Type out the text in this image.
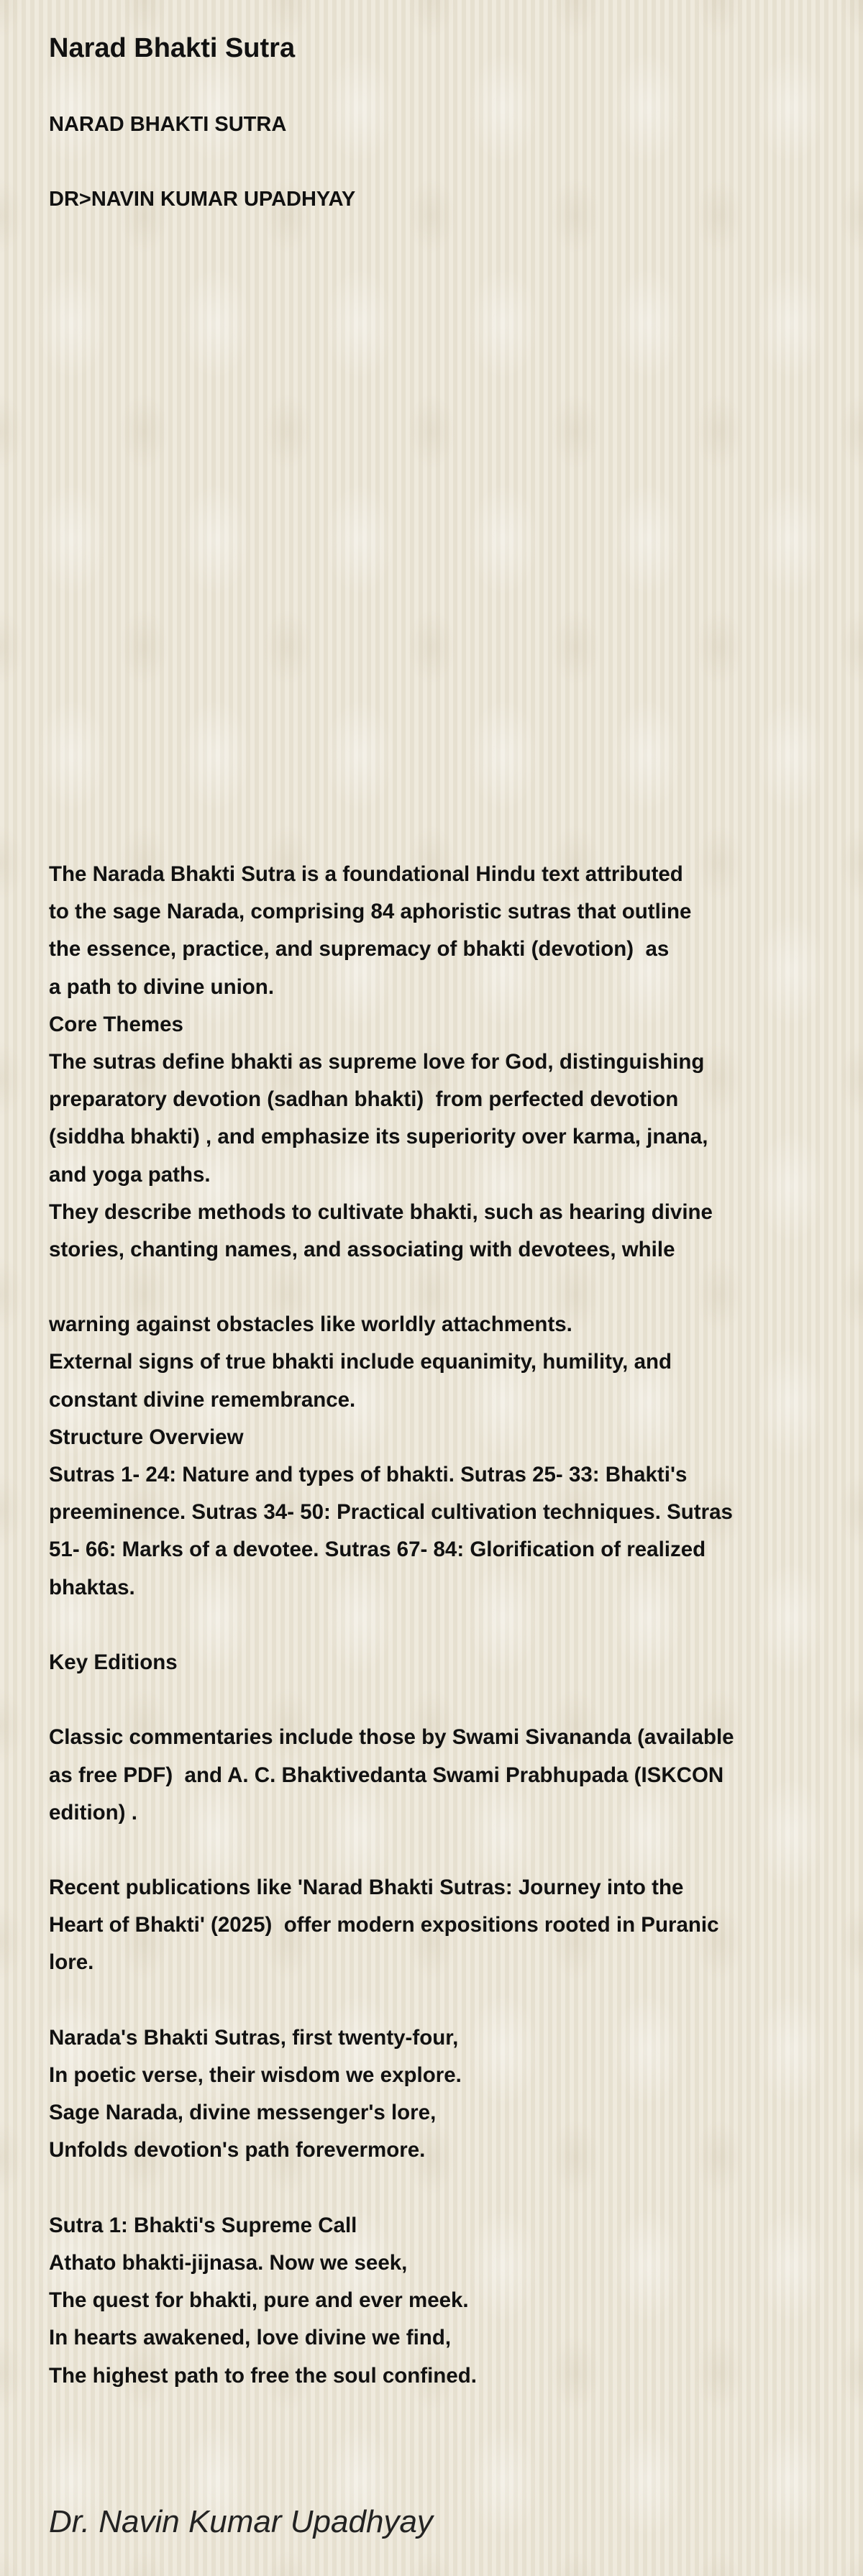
Narad Bhakti Sutra

NARAD BHAKTI SUTRA

DR>NAVIN KUMAR UPADHYAY

The Narada Bhakti Sutra is a foundational Hindu text attributed
to the sage Narada, comprising 84 aphoristic sutras that outline
the essence, practice, and supremacy of bhakti (devotion)  as
a path to divine union.
Core Themes
The sutras define bhakti as supreme love for God, distinguishing
preparatory devotion (sadhan bhakti)  from perfected devotion
(siddha bhakti) , and emphasize its superiority over karma, jnana,
and yoga paths.
They describe methods to cultivate bhakti, such as hearing divine
stories, chanting names, and associating with devotees, while
warning against obstacles like worldly attachments.
External signs of true bhakti include equanimity, humility, and
constant divine remembrance.
Structure Overview
Sutras 1- 24: Nature and types of bhakti. Sutras 25- 33: Bhakti's
preeminence. Sutras 34- 50: Practical cultivation techniques. Sutras
51- 66: Marks of a devotee. Sutras 67- 84: Glorification of realized
bhaktas.
Key Editions
Classic commentaries include those by Swami Sivananda (available
as free PDF)  and A. C. Bhaktivedanta Swami Prabhupada (ISKCON
edition) .
Recent publications like 'Narad Bhakti Sutras: Journey into the
Heart of Bhakti' (2025)  offer modern expositions rooted in Puranic
lore.
Narada's Bhakti Sutras, first twenty-four,
In poetic verse, their wisdom we explore.
Sage Narada, divine messenger's lore,
Unfolds devotion's path forevermore.
Sutra 1: Bhakti's Supreme Call
Athato bhakti-jijnasa. Now we seek,
The quest for bhakti, pure and ever meek.
In hearts awakened, love divine we find,
The highest path to free the soul confined.

Dr. Navin Kumar Upadhyay
